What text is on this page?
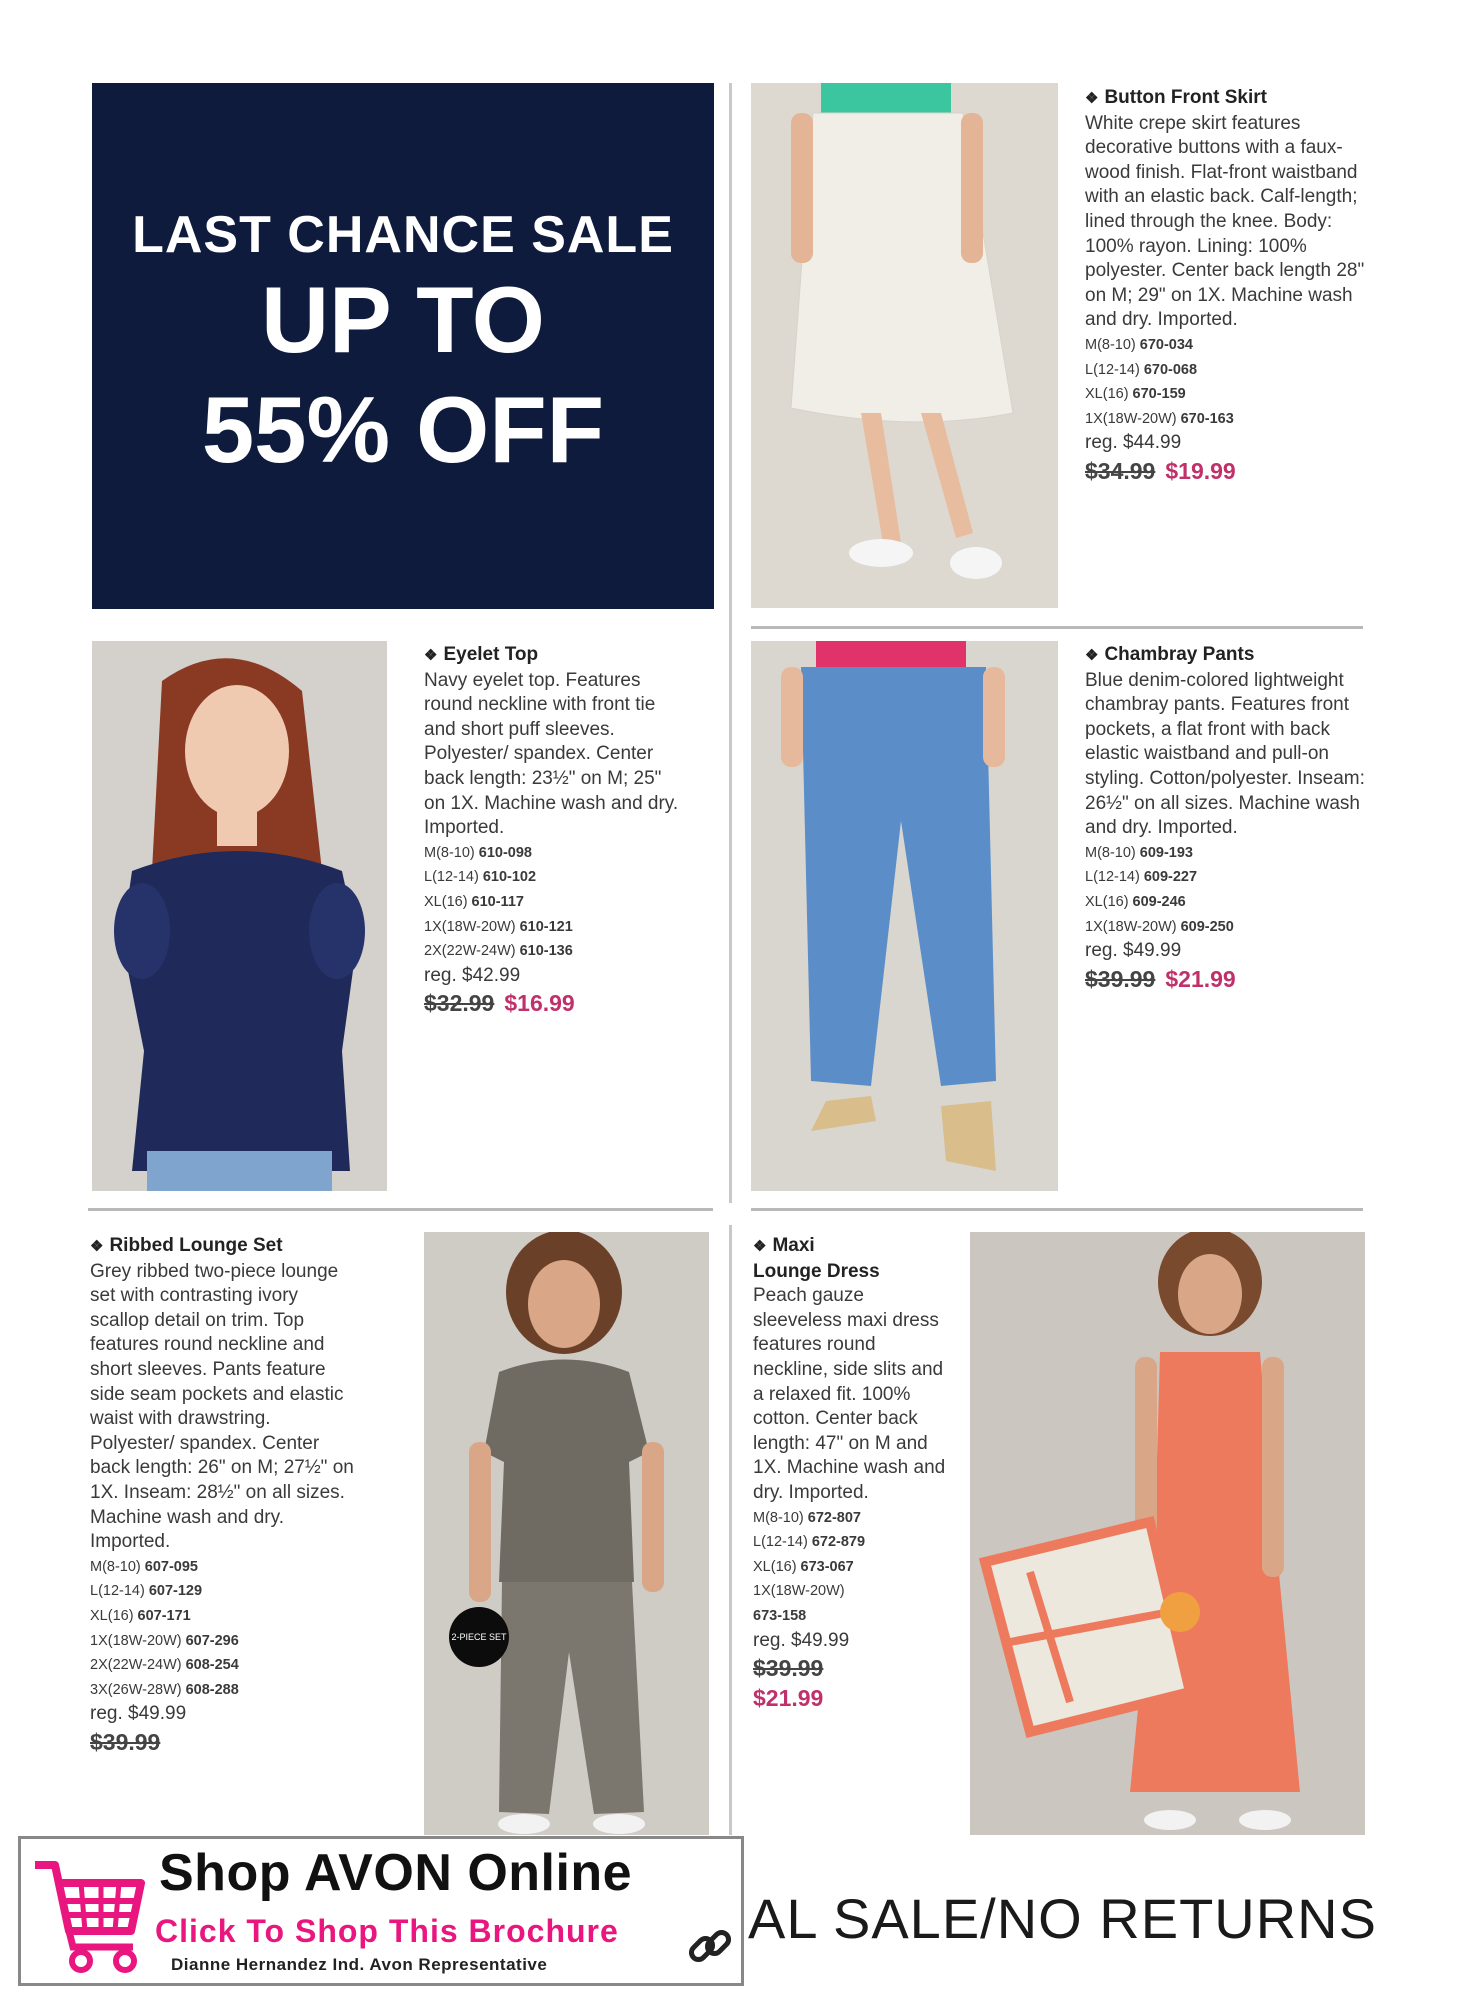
LAST CHANCE SALE
UP TO
55% OFF
❖ Button Front Skirt
White crepe skirt features decorative buttons with a faux-wood finish. Flat-front waistband with an elastic back. Calf-length; lined through the knee. Body: 100% rayon. Lining: 100% polyester. Center back length 28" on M; 29" on 1X. Machine wash and dry. Imported.
M(8-10) 670-034
L(12-14) 670-068
XL(16) 670-159
1X(18W-20W) 670-163
reg. $44.99
$34.99 $19.99
❖ Eyelet Top
Navy eyelet top. Features round neckline with front tie and short puff sleeves. Polyester/ spandex. Center back length: 23½" on M; 25" on 1X. Machine wash and dry. Imported.
M(8-10) 610-098
L(12-14) 610-102
XL(16) 610-117
1X(18W-20W) 610-121
2X(22W-24W) 610-136
reg. $42.99
$32.99 $16.99
❖ Chambray Pants
Blue denim-colored lightweight chambray pants. Features front pockets, a flat front with back elastic waistband and pull-on styling. Cotton/polyester. Inseam: 26½" on all sizes. Machine wash and dry. Imported.
M(8-10) 609-193
L(12-14) 609-227
XL(16) 609-246
1X(18W-20W) 609-250
reg. $49.99
$39.99 $21.99
❖ Ribbed Lounge Set
Grey ribbed two-piece lounge set with contrasting ivory scallop detail on trim. Top features round neckline and short sleeves. Pants feature side seam pockets and elastic waist with drawstring. Polyester/ spandex. Center back length: 26" on M; 27½" on 1X. Inseam: 28½" on all sizes. Machine wash and dry. Imported.
M(8-10) 607-095
L(12-14) 607-129
XL(16) 607-171
1X(18W-20W) 607-296
2X(22W-24W) 608-254
3X(26W-28W) 608-288
reg. $49.99
$39.99
2-PIECE SET
❖ Maxi
Lounge Dress
Peach gauze sleeveless maxi dress features round neckline, side slits and a relaxed fit. 100% cotton. Center back length: 47" on M and 1X. Machine wash and dry. Imported.
M(8-10) 672-807
L(12-14) 672-879
XL(16) 673-067
1X(18W-20W)
673-158
reg. $49.99
$39.99
$21.99
Shop AVON Online
Click To Shop This Brochure
Dianne Hernandez Ind. Avon Representative
AL SALE/NO RETURNS
